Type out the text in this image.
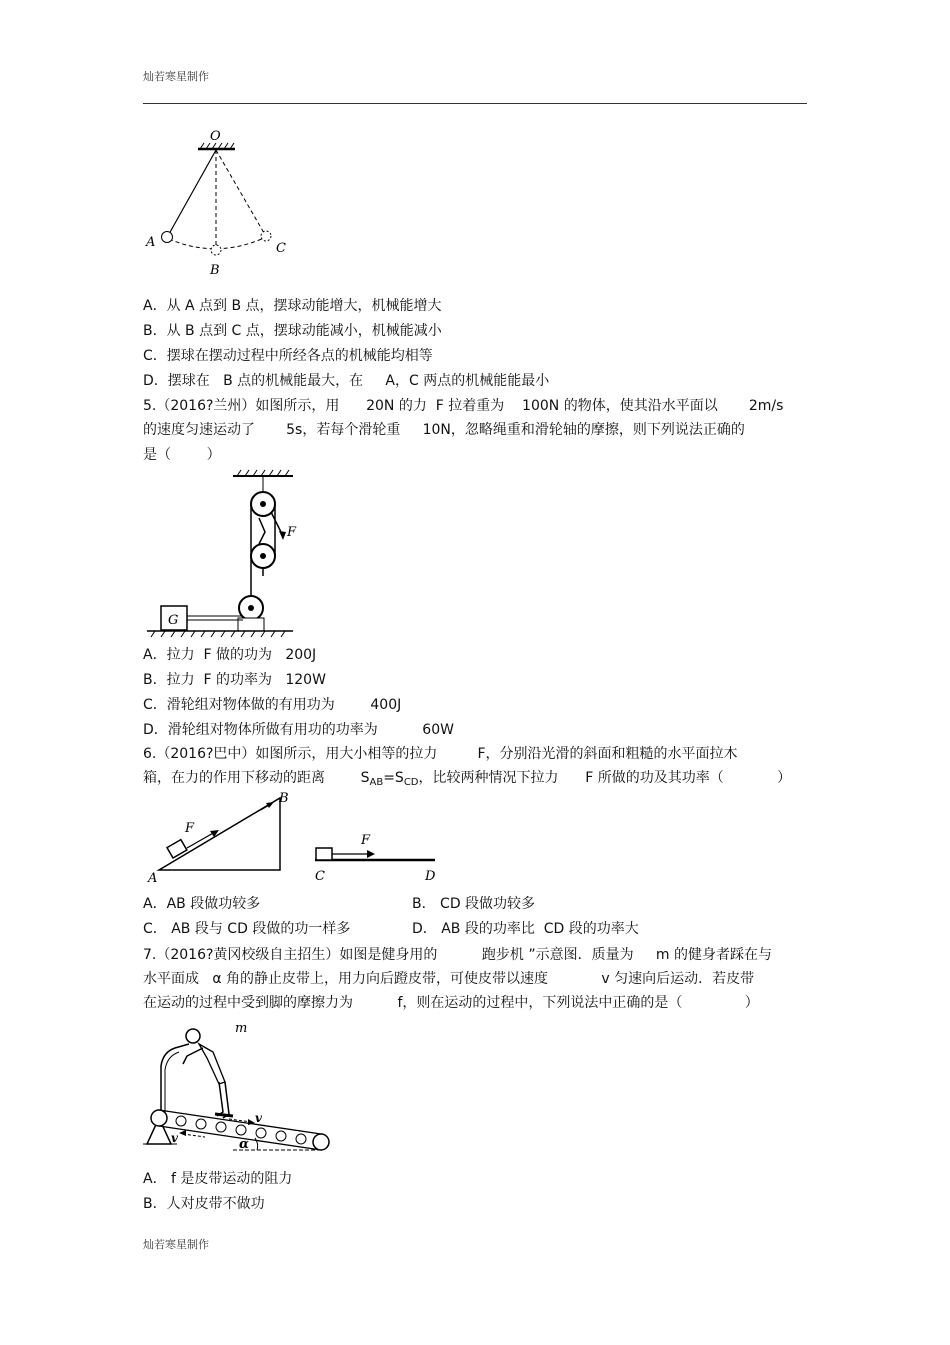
灿若寒星制作
O
A
B
C
A．从 A 点到 B 点，摆球动能增大，机械能增大
B．从 B 点到 C 点，摆球动能减小，机械能减小
C．摆球在摆动过程中所经各点的机械能均相等
D．摆球在   B 点的机械能最大，在     A，C 两点的机械能能最小
5.（2016?兰州）如图所示，用      20N 的力  F 拉着重为    100N 的物体，使其沿水平面以       2m/s
的速度匀速运动了       5s，若每个滑轮重     10N，忽略绳重和滑轮轴的摩擦，则下列说法正确的
是（        ）
F
G
A．拉力  F 做的功为   200J
B．拉力  F 的功率为   120W
C．滑轮组对物体做的有用功为        400J
D．滑轮组对物体所做有用功的功率为          60W
6.（2016?巴中）如图所示，用大小相等的拉力         F，分别沿光滑的斜面和粗糙的水平面拉木
箱，在力的作用下移动的距离        $S_{AB}=S_{CD}$，比较两种情况下拉力      F 所做的功及其功率（            ）
A
B
F
C	D
F
A．AB 段做功较多	B． CD 段做功较多
C． AB 段与 CD 段做的功一样多	D． AB 段的功率比  CD 段的功率大
7.（2016?黄冈校级自主招生）如图是健身用的          跑步机 ”示意图．质量为     m 的健身者踩在与
水平面成   α 角的静止皮带上，用力向后蹬皮带，可使皮带以速度            v 匀速向后运动．若皮带
在运动的过程中受到脚的摩擦力为          f，则在运动的过程中，下列说法中正确的是（              ）
m
v
v	α
A． f 是皮带运动的阻力
B．人对皮带不做功
灿若寒星制作
